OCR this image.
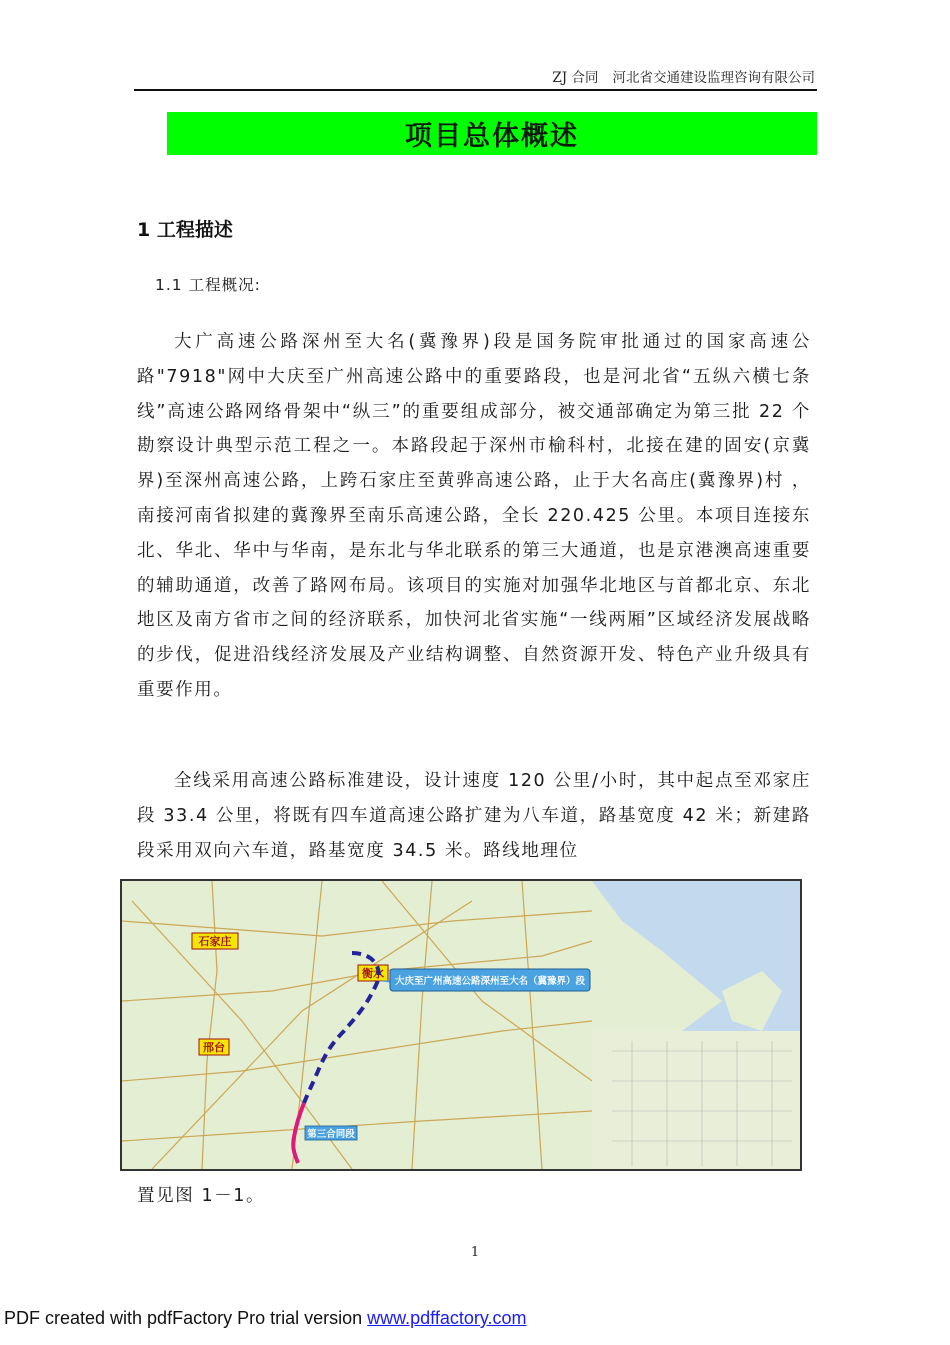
ZJ 合同 河北省交通建设监理咨询有限公司
项目总体概述
1 工程描述
1.1 工程概况:

大广高速公路深州至大名(冀豫界)段是国务院审批通过的国家高速公路"7918"网中大庆至广州高速公路中的重要路段，也是河北省“五纵六横七条线”高速公路网络骨架中“纵三”的重要组成部分，被交通部确定为第三批 22 个勘察设计典型示范工程之一。本路段起于深州市榆科村，北接在建的固安(京冀界)至深州高速公路，上跨石家庄至黄骅高速公路，止于大名高庄(冀豫界)村 ，南接河南省拟建的冀豫界至南乐高速公路，全长 220.425 公里。本项目连接东北、华北、华中与华南，是东北与华北联系的第三大通道，也是京港澳高速重要的辅助通道，改善了路网布局。该项目的实施对加强华北地区与首都北京、东北地区及南方省市之间的经济联系，加快河北省实施“一线两厢”区域经济发展战略的步伐，促进沿线经济发展及产业结构调整、自然资源开发、特色产业升级具有重要作用。

全线采用高速公路标准建设，设计速度 120 公里/小时，其中起点至邓家庄段 33.4 公里，将既有四车道高速公路扩建为八车道，路基宽度 42 米；新建路段采用双向六车道，路基宽度 34.5 米。路线地理位

石家庄
衡水
邢台
大庆至广州高速公路深州至大名（冀豫界）段
第三合同段
置见图 1－1。
1
PDF created with pdfFactory Pro trial version www.pdffactory.com
